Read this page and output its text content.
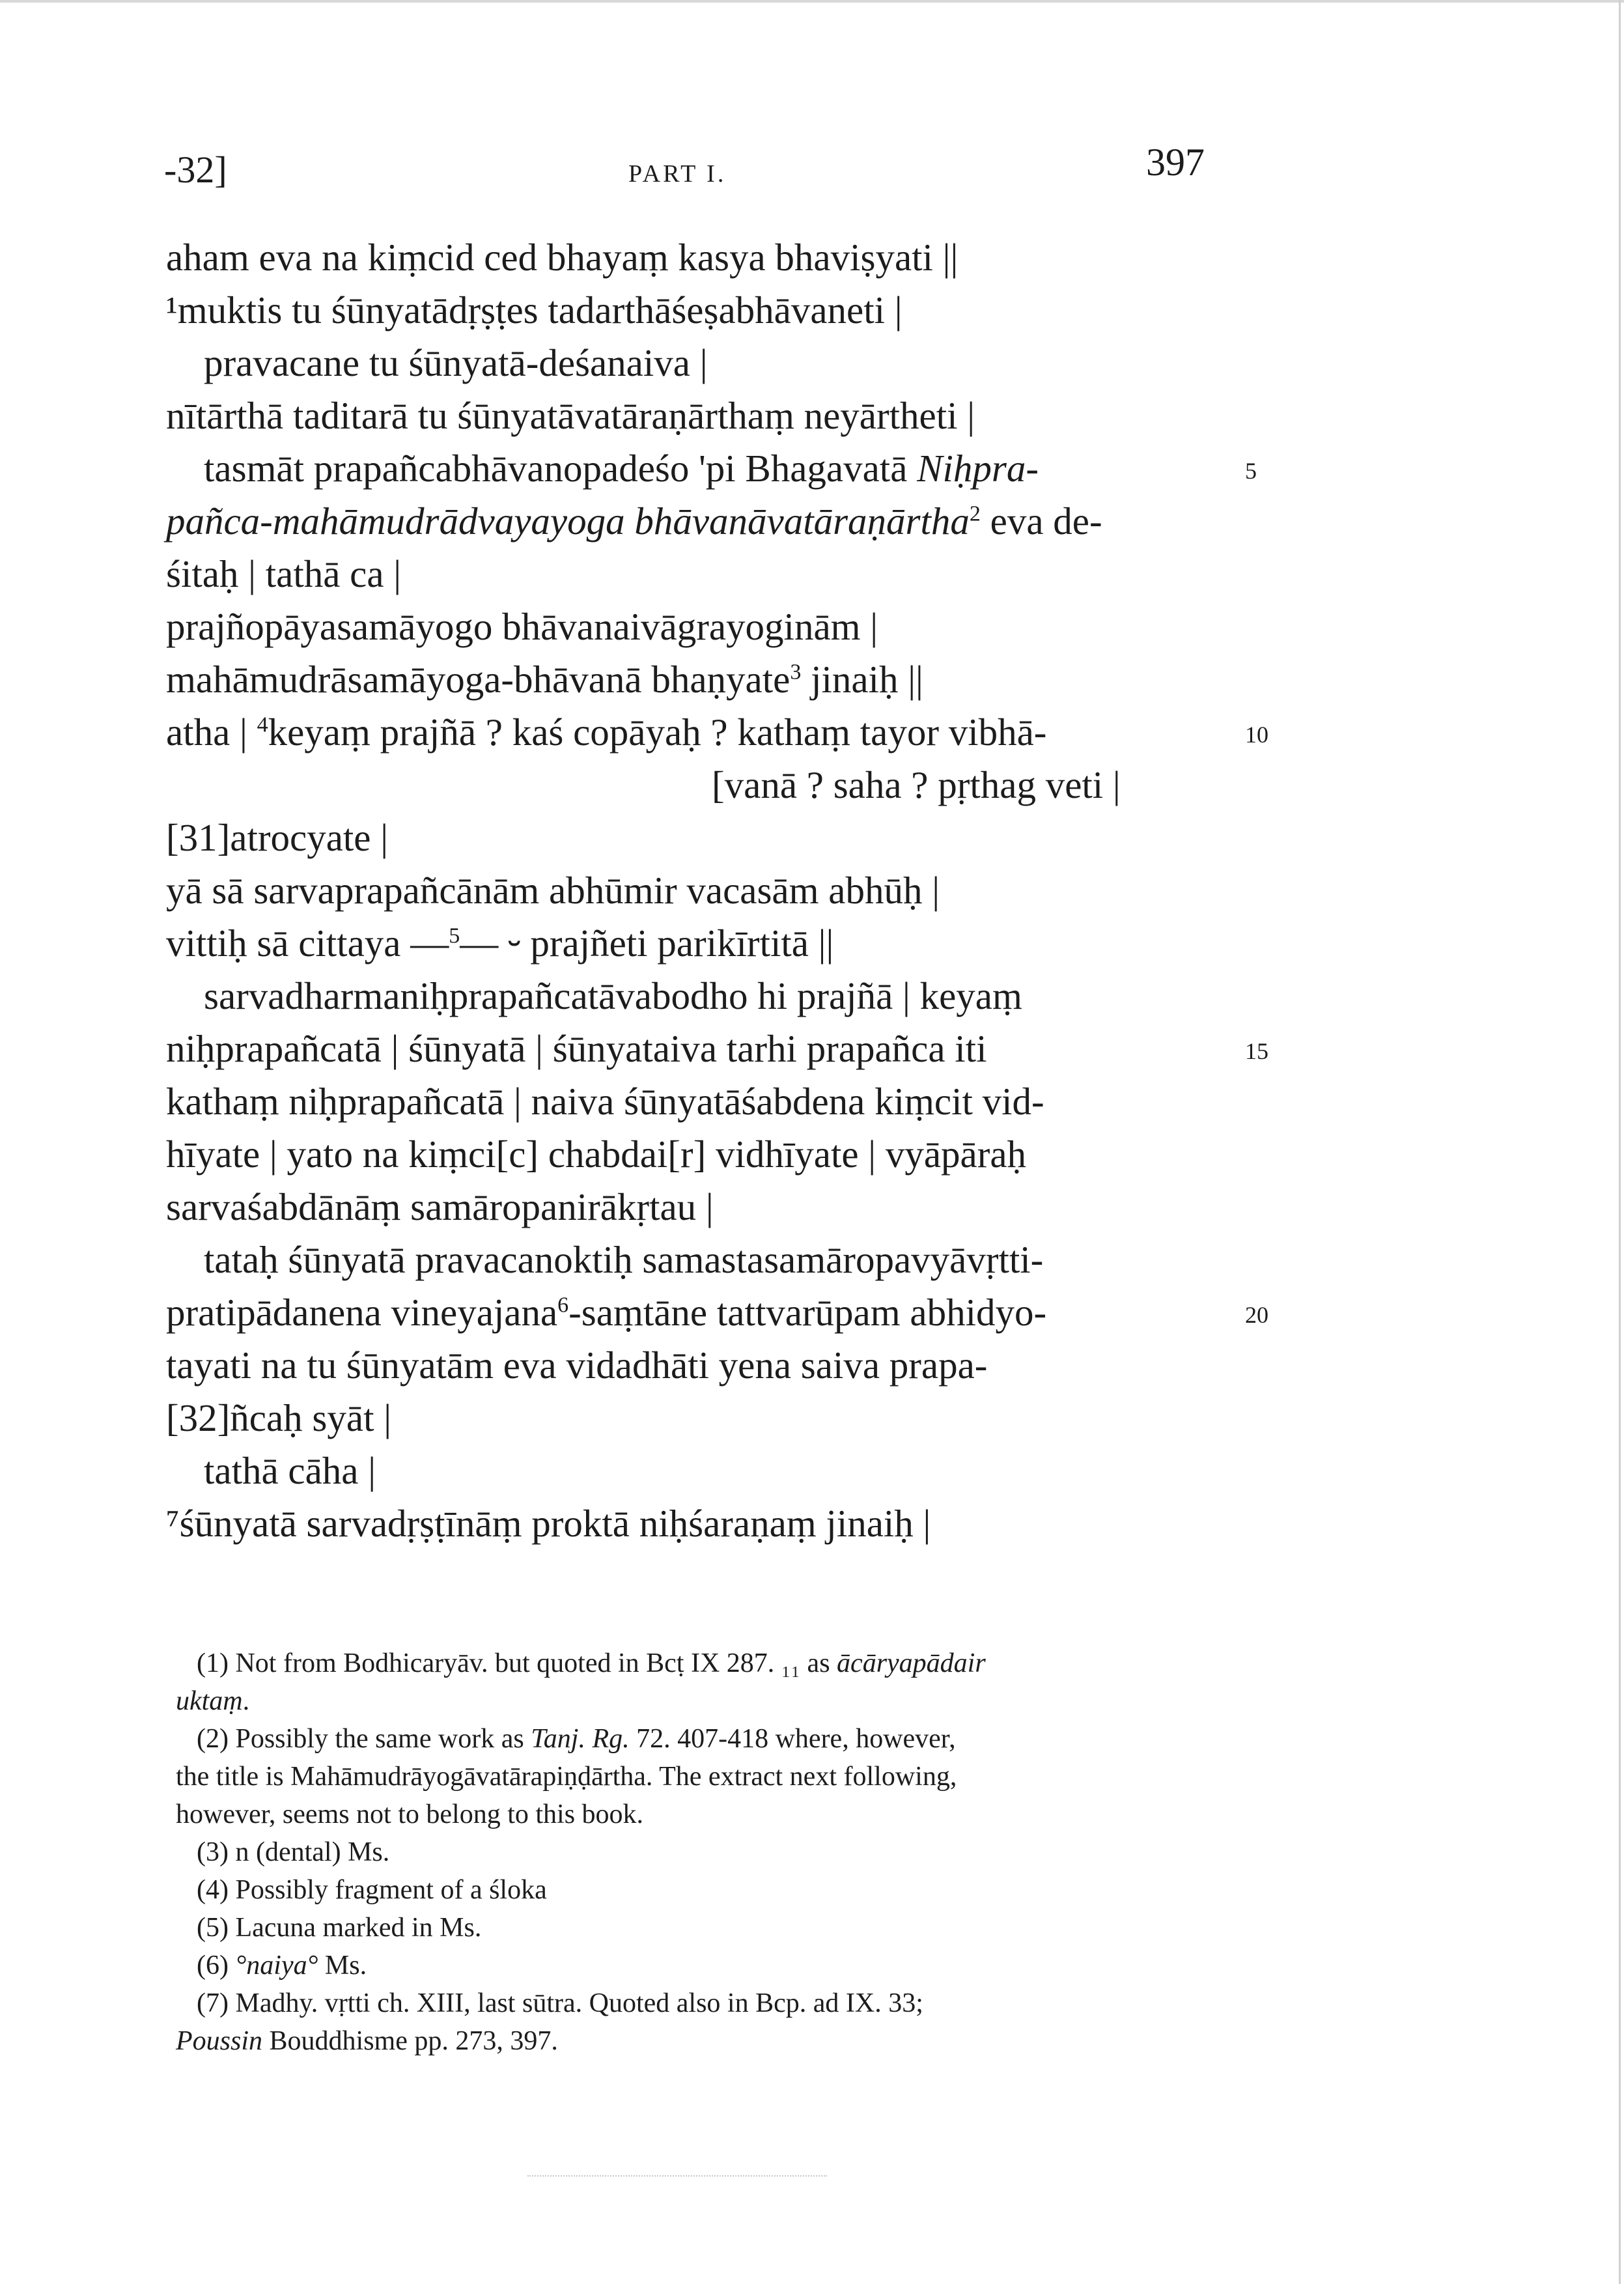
-32]	PART I.	397
aham eva na kiṃcid ced bhayaṃ kasya bhaviṣyati ||
¹muktis tu śūnyatādṛṣṭes tadarthāśeṣabhāvaneti |
pravacane tu śūnyatā-deśanaiva |
nītārthā taditarā tu śūnyatāvatāraṇārthaṃ neyārtheti |
tasmāt prapañcabhāvanopadeśo 'pi Bhagavatā Niḥpra-	5
pañca-mahāmudrādvayayoga bhāvanāvatāraṇārtha$^2$ eva de-
śitaḥ | tathā ca |
prajñopāyasamāyogo bhāvanaivāgrayoginām |
mahāmudrāsamāyoga-bhāvanā bhaṇyate$^3$ jinaiḥ ||
atha | $^4$keyaṃ prajñā ? kaś copāyaḥ ? kathaṃ tayor vibhā-	10
[vanā ? saha ? pṛthag veti |
[31]atrocyate |
yā sā sarvaprapañcānām abhūmir vacasām abhūḥ |
vittiḥ sā cittaya —$^5$— ⏑ prajñeti parikīrtitā ||
sarvadharmaniḥprapañcatāvabodho hi prajñā | keyaṃ
niḥprapañcatā | śūnyatā | śūnyataiva tarhi prapañca iti	15
kathaṃ niḥprapañcatā | naiva śūnyatāśabdena kiṃcit vid-
hīyate | yato na kiṃci[c] chabdai[r] vidhīyate | vyāpāraḥ
sarvaśabdānāṃ samāropanirākṛtau |
tataḥ śūnyatā pravacanoktiḥ samastasamāropavyāvṛtti-
pratipādanena vineyajana$^6$-saṃtāne tattvarūpam abhidyo-	20
tayati na tu śūnyatām eva vidadhāti yena saiva prapa-
[32]ñcaḥ syāt |
tathā cāha |
⁷śūnyatā sarvadṛṣṭīnāṃ proktā niḥśaraṇaṃ jinaiḥ |
(1) Not from Bodhicaryāv. but quoted in Bcṭ IX 287. ₁₁ as ācāryapādair
uktaṃ.
(2) Possibly the same work as Tanj. Rg. 72. 407-418 where, however,
the title is Mahāmudrāyogāvatārapiṇḍārtha. The extract next following,
however, seems not to belong to this book.
(3) n (dental) Ms.
(4) Possibly fragment of a śloka
(5) Lacuna marked in Ms.
(6) °naiya° Ms.
(7) Madhy. vṛtti ch. XIII, last sūtra. Quoted also in Bcp. ad IX. 33;
Poussin Bouddhisme pp. 273, 397.
